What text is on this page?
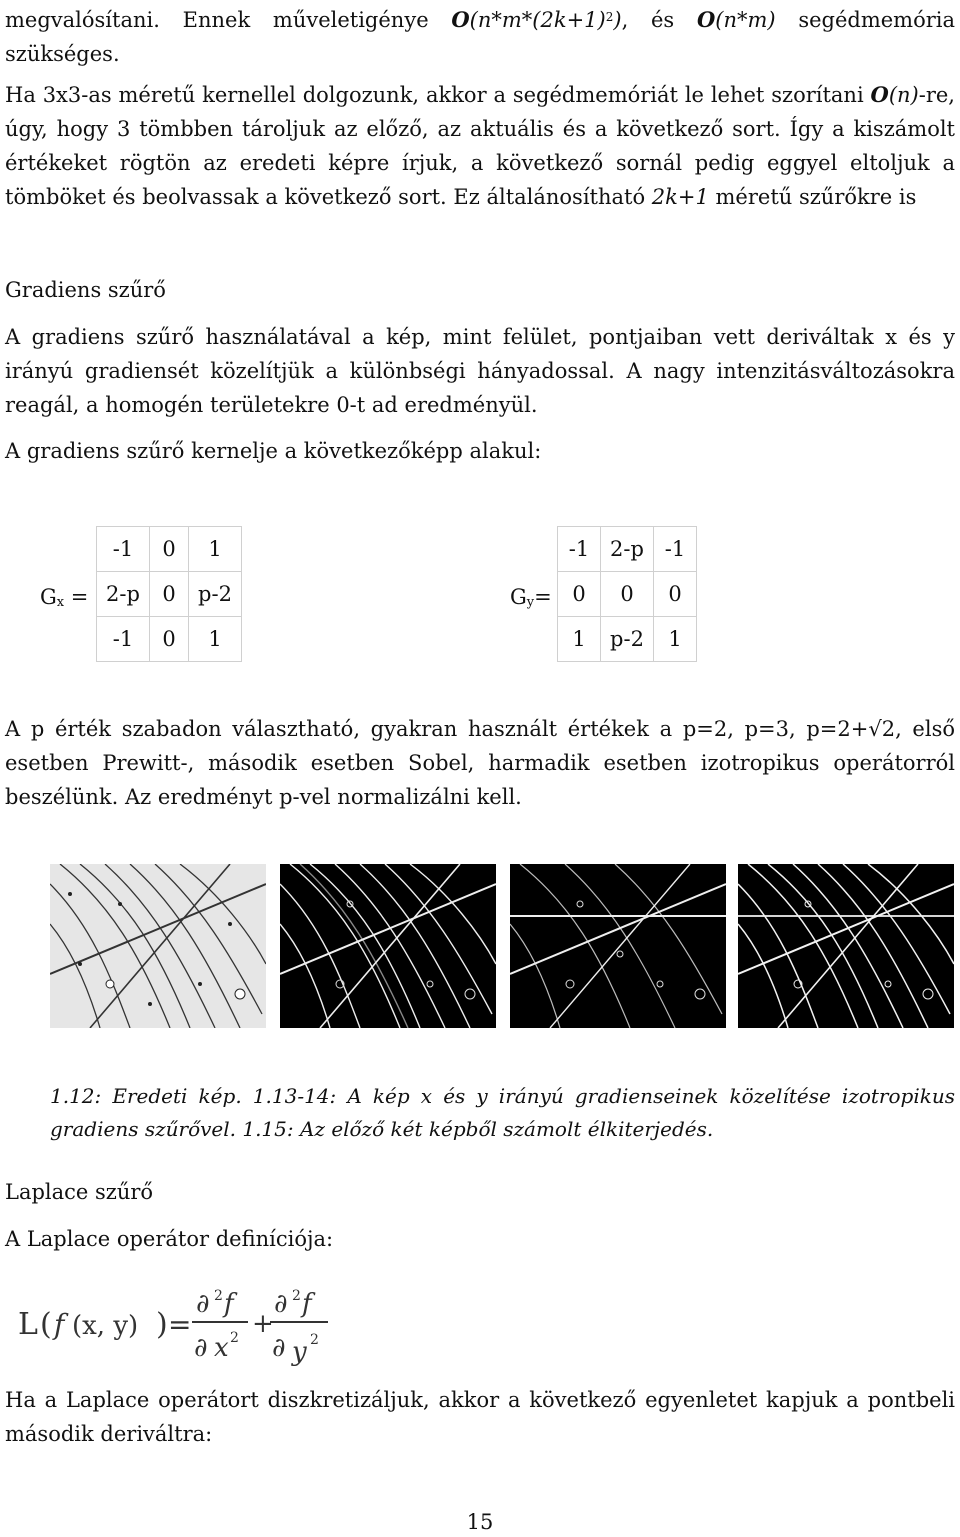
megvalósítani. Ennek műveletigénye $O(n*m*(2k+1)^2)$, és O(n*m) segédmemória szükséges.

Ha 3x3-as méretű kernellel dolgozunk, akkor a segédmemóriát le lehet szorítani O(n)-re, úgy, hogy 3 tömbben tároljuk az előző, az aktuális és a következő sort. Így a kiszámolt értékeket rögtön az eredeti képre írjuk, a következő sornál pedig eggyel eltoljuk a tömböket és beolvassak a következő sort. Ez általánosítható 2k+1 méretű szűrőkre is

Gradiens szűrő

A gradiens szűrő használatával a kép, mint felület, pontjaiban vett deriváltak x és y irányú gradiensét közelítjük a különbségi hányadossal. A nagy intenzitásváltozásokra reagál, a homogén területekre 0-t ad eredményül.

A gradiens szűrő kernelje a következőképp alakul:

$G_x$ =
-1	0	1
2-p	0	p-2
-1	0	1
$G_y=$
-1	2-p	-1
0	0	0
1	p-2	1

A p érték szabadon választható, gyakran használt értékek a p=2, p=3, p=2+√2, első esetben Prewitt-, második esetben Sobel, harmadik esetben izotropikus operátorról beszélünk. Az eredményt p-vel normalizálni kell.

1.12: Eredeti kép. 1.13-14: A kép x és y irányú gradienseinek közelítése izotropikus gradiens szűrővel. 1.15: Az előző két képből számolt élkiterjedés.

Laplace szűrő

A Laplace operátor definíciója:

L ( f (x, y) ) =
∂ 2 f
∂ x 2 +
∂ 2 f
∂ y 2

Ha a Laplace operátort diszkretizáljuk, akkor a következő egyenletet kapjuk a pontbeli második deriváltra:

15
